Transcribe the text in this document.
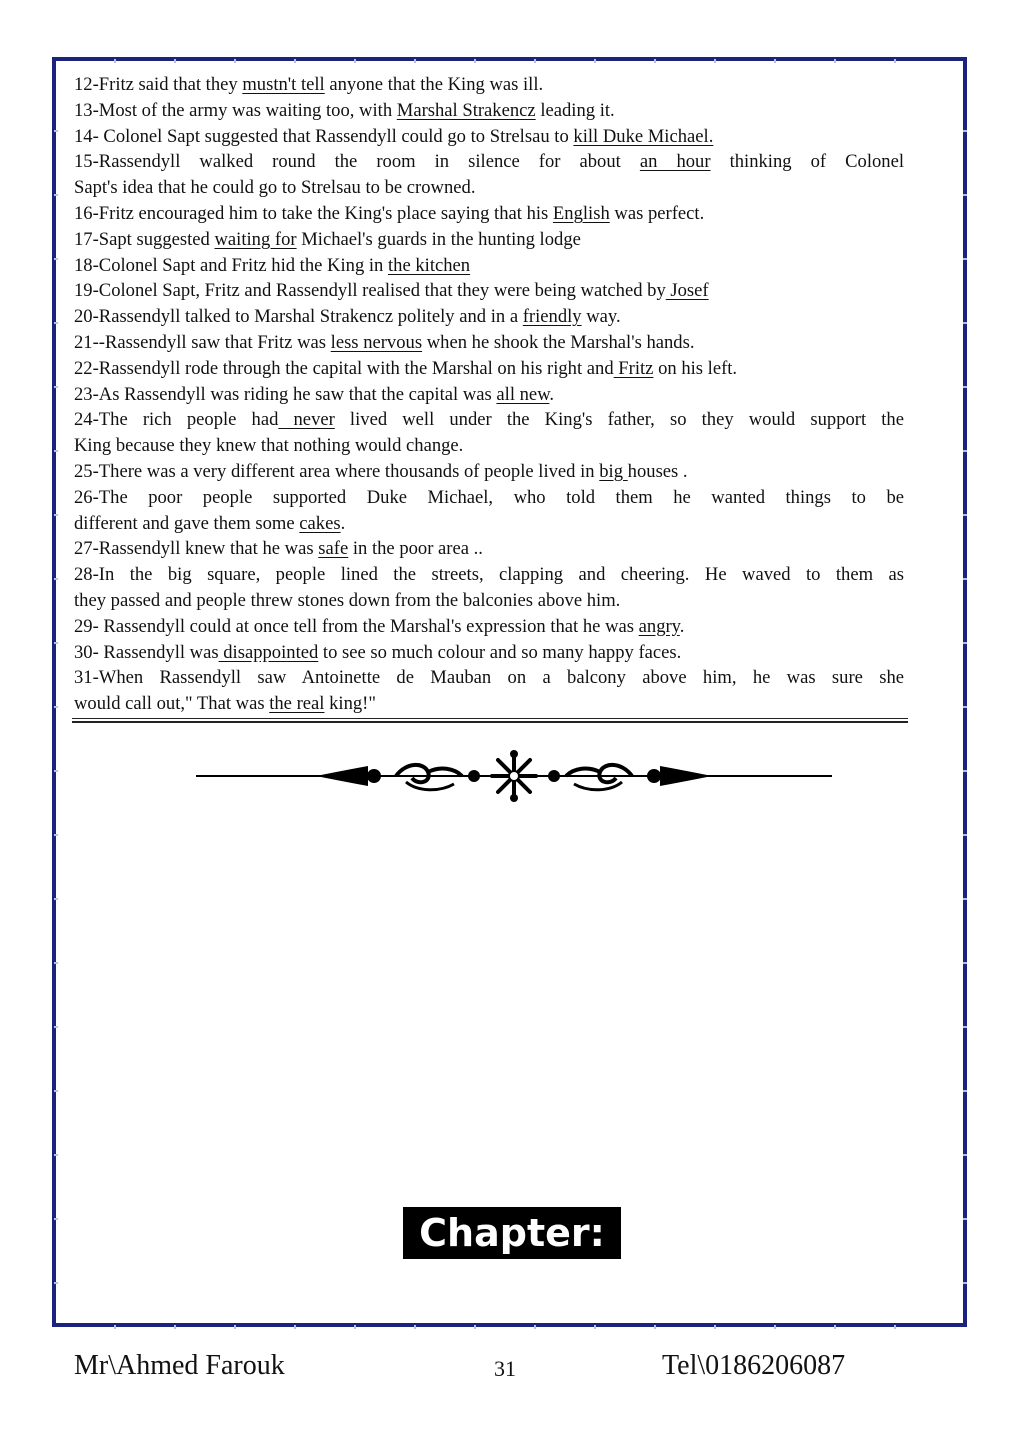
12-Fritz said that they mustn't tell anyone that the King was ill.
13-Most of the army was waiting too, with Marshal Strakencz leading it.
14- Colonel Sapt suggested that Rassendyll could go to Strelsau to kill Duke Michael.
15-Rassendyll walked round the room in silence for about an hour thinking of Colonel
Sapt's idea that he could go to Strelsau to be crowned.
16-Fritz encouraged him to take the King's place saying that his English was perfect.
17-Sapt suggested waiting for Michael's guards in the hunting lodge
18-Colonel Sapt and Fritz hid the King in the kitchen
19-Colonel Sapt, Fritz and Rassendyll realised that they were being watched by Josef
20-Rassendyll talked to Marshal Strakencz politely and in a friendly way.
21--Rassendyll saw that Fritz was less nervous when he shook the Marshal's hands.
22-Rassendyll rode through the capital with the Marshal on his right and Fritz on his left.
23-As Rassendyll was riding he saw that the capital was all new.
24-The rich people had never lived well under the King's father, so they would support the
King because they knew that nothing would change.
25-There was a very different area where thousands of people lived in big houses .
26-The poor people supported Duke Michael, who told them he wanted things to be
different and gave them some cakes.
27-Rassendyll knew that he was safe in the poor area ..
28-In the big square, people lined the streets, clapping and cheering. He waved to them as
they passed and people threw stones down from the balconies above him.
29- Rassendyll could at once tell from the Marshal's expression that he was angry.
30- Rassendyll was disappointed to see so much colour and so many happy faces.
31-When Rassendyll saw Antoinette de Mauban on a balcony above him, he was sure she
would call out," That was the real king!"
Chapter: 3
Mr\Ahmed Farouk	31	Tel\0186206087
